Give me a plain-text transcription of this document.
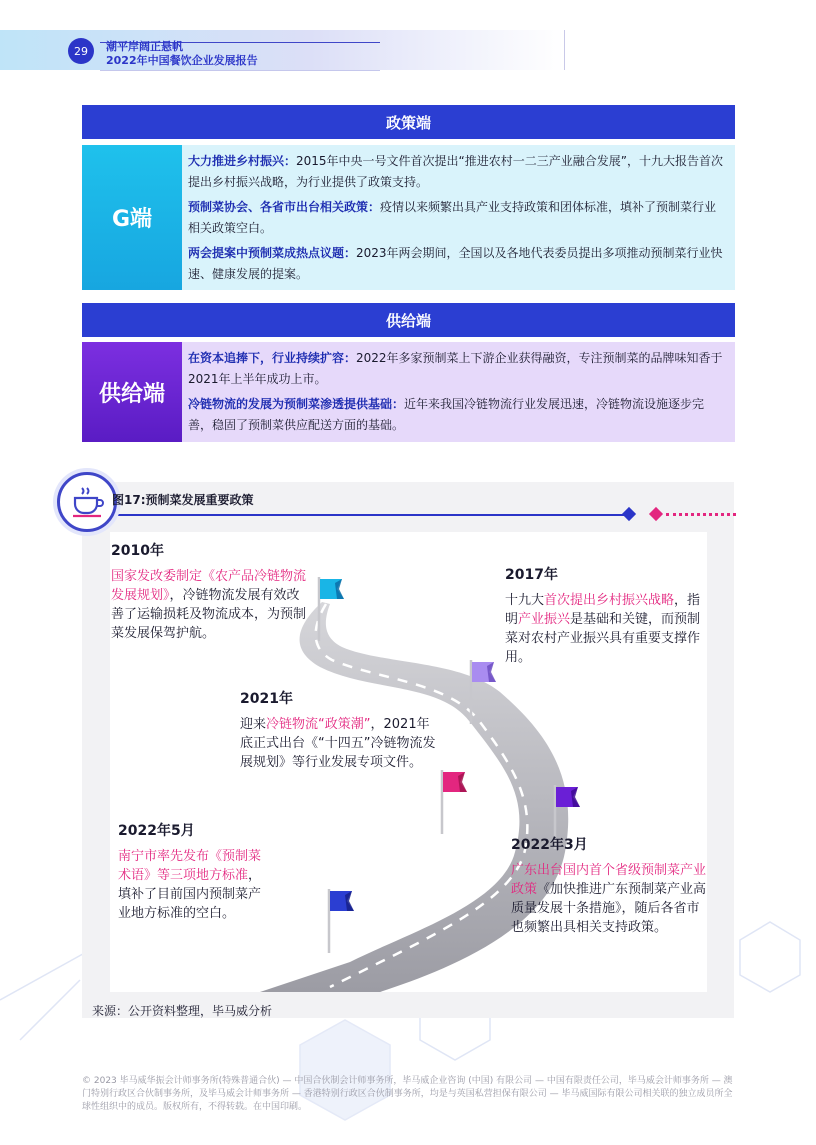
29	潮平岸阔正悬帆
2022年中国餐饮企业发展报告
政策端
G端

大力推进乡村振兴：2015年中央一号文件首次提出“推进农村一二三产业融合发展”，十九大报告首次提出乡村振兴战略，为行业提供了政策支持。

预制菜协会、各省市出台相关政策：疫情以来频繁出具产业支持政策和团体标准，填补了预制菜行业相关政策空白。

两会提案中预制菜成热点议题：2023年两会期间，全国以及各地代表委员提出多项推动预制菜行业快速、健康发展的提案。

供给端
供给端

在资本追捧下，行业持续扩容：2022年多家预制菜上下游企业获得融资，专注预制菜的品牌味知香于2021年上半年成功上市。

冷链物流的发展为预制菜渗透提供基础：近年来我国冷链物流行业发展迅速，冷链物流设施逐步完善，稳固了预制菜供应配送方面的基础。

图17:预制菜发展重要政策
2010年
国家发改委制定《农产品冷链物流发展规划》，冷链物流发展有效改善了运输损耗及物流成本，为预制菜发展保驾护航。
2017年
十九大首次提出乡村振兴战略，指明产业振兴是基础和关键，而预制菜对农村产业振兴具有重要支撑作用。
2021年
迎来冷链物流“政策潮”，2021年底正式出台《“十四五”冷链物流发展规划》等行业发展专项文件。
2022年5月
南宁市率先发布《预制菜术语》等三项地方标准，填补了目前国内预制菜产业地方标准的空白。
2022年3月
广东出台国内首个省级预制菜产业政策《加快推进广东预制菜产业高质量发展十条措施》，随后各省市也频繁出具相关支持政策。
来源：公开资料整理，毕马威分析
© 2023 毕马威华振会计师事务所(特殊普通合伙) — 中国合伙制会计师事务所，毕马威企业咨询 (中国) 有限公司 — 中国有限责任公司，毕马威会计师事务所 — 澳门特别行政区合伙制事务所，及毕马威会计师事务所 — 香港特别行政区合伙制事务所，均是与英国私营担保有限公司 — 毕马威国际有限公司相关联的独立成员所全球性组织中的成员。版权所有，不得转载。在中国印刷。
